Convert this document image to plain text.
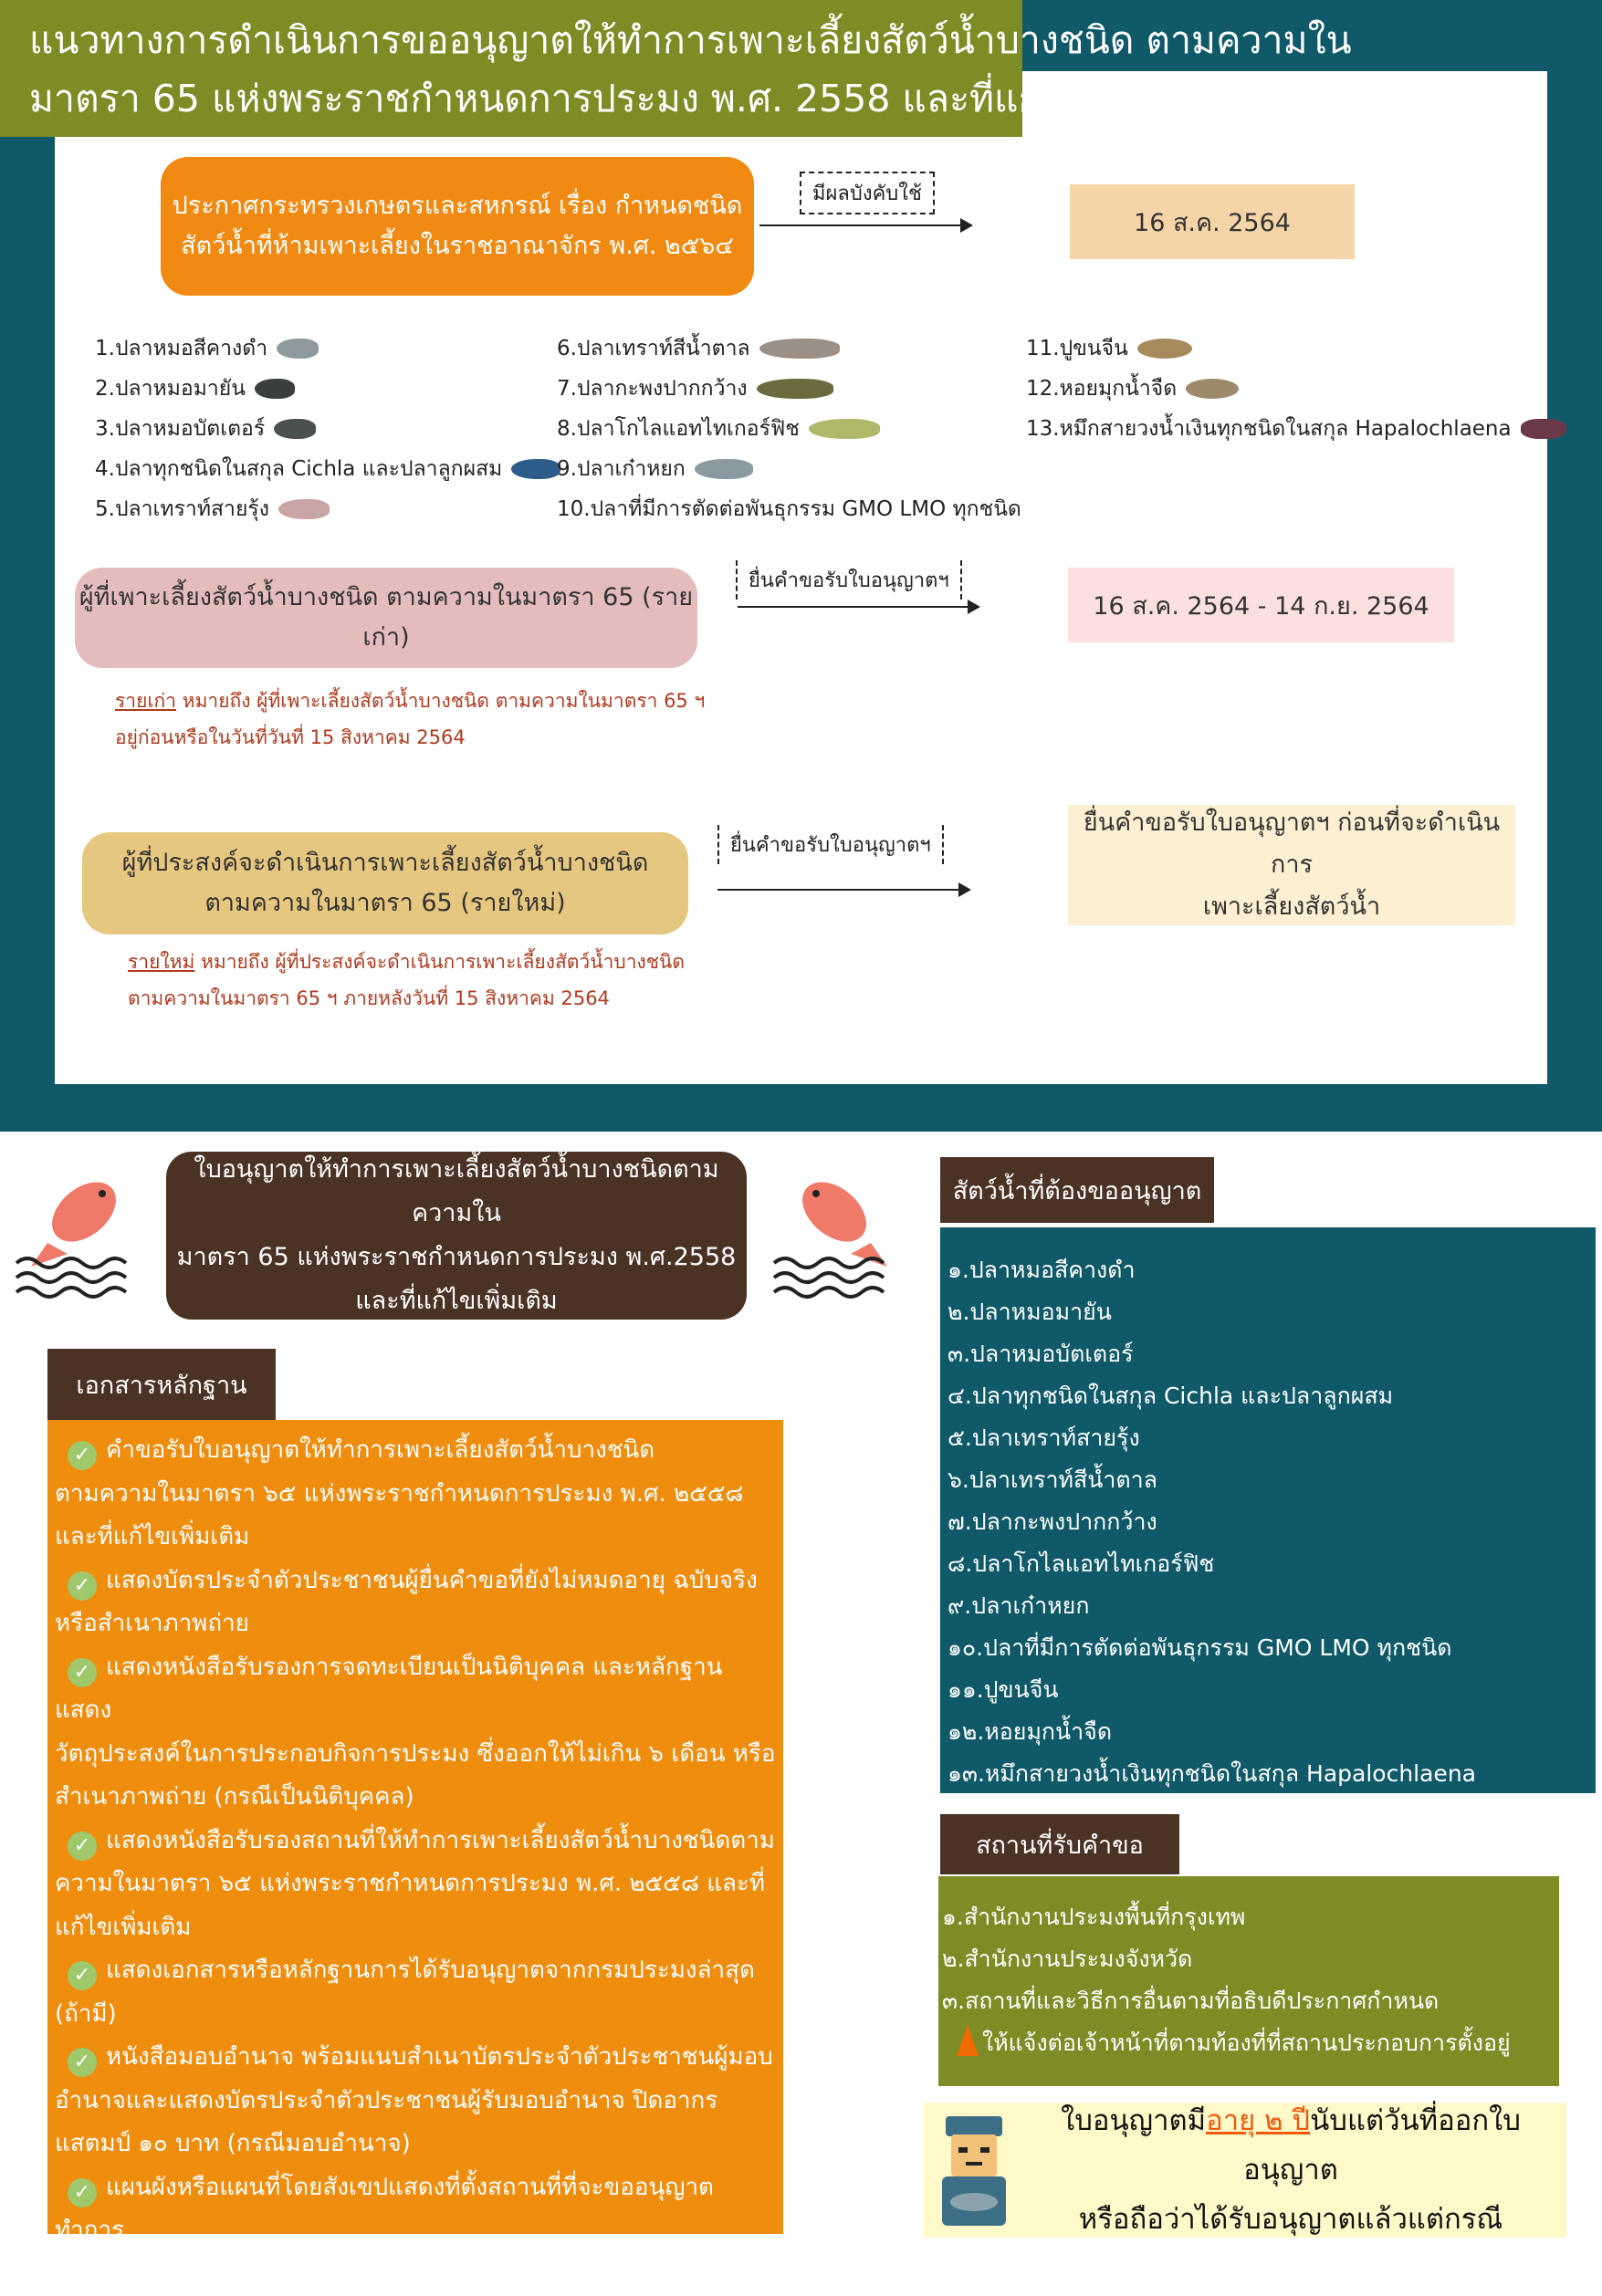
แนวทางการดำเนินการขออนุญาตให้ทำการเพาะเลี้ยงสัตว์น้ำบางชนิด ตามความใน
มาตรา 65 แห่งพระราชกำหนดการประมง พ.ศ. 2558 และที่แก้ไขเพิ่มเติม
ประกาศกระทรวงเกษตรและสหกรณ์ เรื่อง กำหนดชนิด
สัตว์น้ำที่ห้ามเพาะเลี้ยงในราชอาณาจักร พ.ศ. ๒๕๖๔
มีผลบังคับใช้
16 ส.ค. 2564
1.ปลาหมอสีคางดำ
2.ปลาหมอมายัน
3.ปลาหมอบัตเตอร์
4.ปลาทุกชนิดในสกุล Cichla และปลาลูกผสม
5.ปลาเทราท์สายรุ้ง
6.ปลาเทราท์สีน้ำตาล
7.ปลากะพงปากกว้าง
8.ปลาโกไลแอทไทเกอร์ฟิช
9.ปลาเก๋าหยก
10.ปลาที่มีการตัดต่อพันธุกรรม GMO LMO ทุกชนิด
11.ปูขนจีน
12.หอยมุกน้ำจืด
13.หมึกสายวงน้ำเงินทุกชนิดในสกุล Hapalochlaena
ผู้ที่เพาะเลี้ยงสัตว์น้ำบางชนิด ตามความในมาตรา 65 (รายเก่า)
ยื่นคำขอรับใบอนุญาตฯ
16 ส.ค. 2564 - 14 ก.ย. 2564
รายเก่า หมายถึง ผู้ที่เพาะเลี้ยงสัตว์น้ำบางชนิด ตามความในมาตรา 65 ฯ
อยู่ก่อนหรือในวันที่วันที่ 15 สิงหาคม 2564
ผู้ที่ประสงค์จะดำเนินการเพาะเลี้ยงสัตว์น้ำบางชนิด
ตามความในมาตรา 65 (รายใหม่)
ยื่นคำขอรับใบอนุญาตฯ
ยื่นคำขอรับใบอนุญาตฯ ก่อนที่จะดำเนินการ
เพาะเลี้ยงสัตว์น้ำ
รายใหม่ หมายถึง ผู้ที่ประสงค์จะดำเนินการเพาะเลี้ยงสัตว์น้ำบางชนิด
ตามความในมาตรา 65 ฯ ภายหลังวันที่ 15 สิงหาคม 2564
ใบอนุญาตให้ทำการเพาะเลี้ยงสัตว์น้ำบางชนิดตามความใน
มาตรา 65 แห่งพระราชกำหนดการประมง พ.ศ.2558
และที่แก้ไขเพิ่มเติม
เอกสารหลักฐาน
✓ คำขอรับใบอนุญาตให้ทำการเพาะเลี้ยงสัตว์น้ำบางชนิด
ตามความในมาตรา ๖๕ แห่งพระราชกำหนดการประมง พ.ศ. ๒๕๕๘
และที่แก้ไขเพิ่มเติม
✓ แสดงบัตรประจำตัวประชาชนผู้ยื่นคำขอที่ยังไม่หมดอายุ ฉบับจริง
หรือสำเนาภาพถ่าย
✓ แสดงหนังสือรับรองการจดทะเบียนเป็นนิติบุคคล และหลักฐานแสดง
วัตถุประสงค์ในการประกอบกิจการประมง ซึ่งออกให้ไม่เกิน ๖ เดือน หรือ
สำเนาภาพถ่าย (กรณีเป็นนิติบุคคล)
✓ แสดงหนังสือรับรองสถานที่ให้ทำการเพาะเลี้ยงสัตว์น้ำบางชนิดตาม
ความในมาตรา ๖๕ แห่งพระราชกำหนดการประมง พ.ศ. ๒๕๕๘ และที่
แก้ไขเพิ่มเติม
✓ แสดงเอกสารหรือหลักฐานการได้รับอนุญาตจากกรมประมงล่าสุด
(ถ้ามี)
✓ หนังสือมอบอำนาจ พร้อมแนบสำเนาบัตรประจำตัวประชาชนผู้มอบ
อำนาจและแสดงบัตรประจำตัวประชาชนผู้รับมอบอำนาจ ปิดอากร
แสตมป์ ๑๐ บาท (กรณีมอบอำนาจ)
✓ แผนผังหรือแผนที่โดยสังเขปแสดงที่ตั้งสถานที่ที่จะขออนุญาตทำการ
เพาะเลี้ยงสัตว์น้ำ
สัตว์น้ำที่ต้องขออนุญาต
๑.ปลาหมอสีคางดำ
๒.ปลาหมอมายัน
๓.ปลาหมอบัตเตอร์
๔.ปลาทุกชนิดในสกุล Cichla และปลาลูกผสม
๕.ปลาเทราท์สายรุ้ง
๖.ปลาเทราท์สีน้ำตาล
๗.ปลากะพงปากกว้าง
๘.ปลาโกไลแอทไทเกอร์ฟิช
๙.ปลาเก๋าหยก
๑๐.ปลาที่มีการตัดต่อพันธุกรรม GMO LMO ทุกชนิด
๑๑.ปูขนจีน
๑๒.หอยมุกน้ำจืด
๑๓.หมึกสายวงน้ำเงินทุกชนิดในสกุล Hapalochlaena
สถานที่รับคำขอ
๑.สำนักงานประมงพื้นที่กรุงเทพ
๒.สำนักงานประมงจังหวัด
๓.สถานที่และวิธีการอื่นตามที่อธิบดีประกาศกำหนด
ให้แจ้งต่อเจ้าหน้าที่ตามท้องที่ที่สถานประกอบการตั้งอยู่
ใบอนุญาตมีอายุ ๒ ปีนับแต่วันที่ออกใบอนุญาต
หรือถือว่าได้รับอนุญาตแล้วแต่กรณี
